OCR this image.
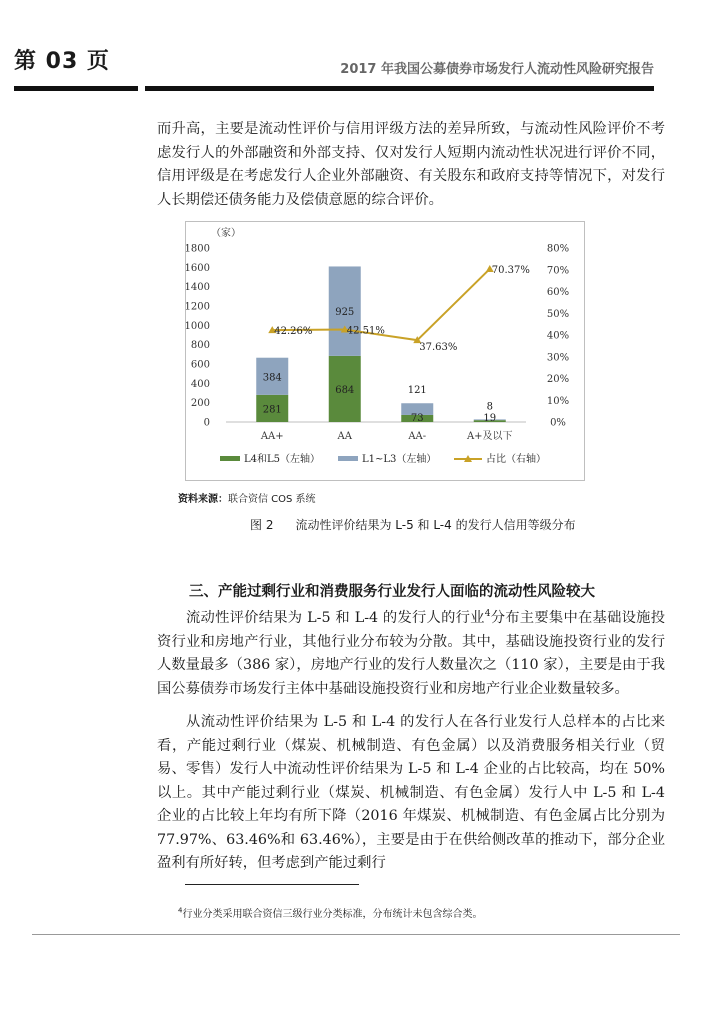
第 03 页	2017 年我国公募债券市场发行人流动性风险研究报告

而升高，主要是流动性评价与信用评级方法的差异所致，与流动性风险评价不考虑发行人的外部融资和外部支持、仅对发行人短期内流动性状况进行评价不同，信用评级是在考虑发行人企业外部融资、有关股东和政府支持等情况下，对发行人长期偿还债务能力及偿债意愿的综合评价。

（家）
0
200
400
600
800
1000
1200
1400
1600
1800
0%
10%
20%
30%
40%
50%
60%
70%
80%
281
384
AA+
684
925
AA
73
121
AA-
19
8
A+及以下
42.26%	42.51%
37.63%
70.37%
L4和L5（左轴）	L1~L3（左轴）	占比（右轴）
资料来源：联合资信 COS 系统
图 2 流动性评价结果为 L-5 和 L-4 的发行人信用等级分布
三、产能过剩行业和消费服务行业发行人面临的流动性风险较大

流动性评价结果为 L-5 和 L-4 的发行人的行业$^4$分布主要集中在基础设施投资行业和房地产行业，其他行业分布较为分散。其中，基础设施投资行业的发行人数量最多（386 家），房地产行业的发行人数量次之（110 家），主要是由于我国公募债券市场发行主体中基础设施投资行业和房地产行业企业数量较多。

从流动性评价结果为 L-5 和 L-4 的发行人在各行业发行人总样本的占比来看，产能过剩行业（煤炭、机械制造、有色金属）以及消费服务相关行业（贸易、零售）发行人中流动性评价结果为 L-5 和 L-4 企业的占比较高，均在 50%以上。其中产能过剩行业（煤炭、机械制造、有色金属）发行人中 L-5 和 L-4 企业的占比较上年均有所下降（2016 年煤炭、机械制造、有色金属占比分别为 77.97%、63.46%和 63.46%），主要是由于在供给侧改革的推动下，部分企业盈利有所好转，但考虑到产能过剩行

$^4$行业分类采用联合资信三级行业分类标准，分布统计未包含综合类。
